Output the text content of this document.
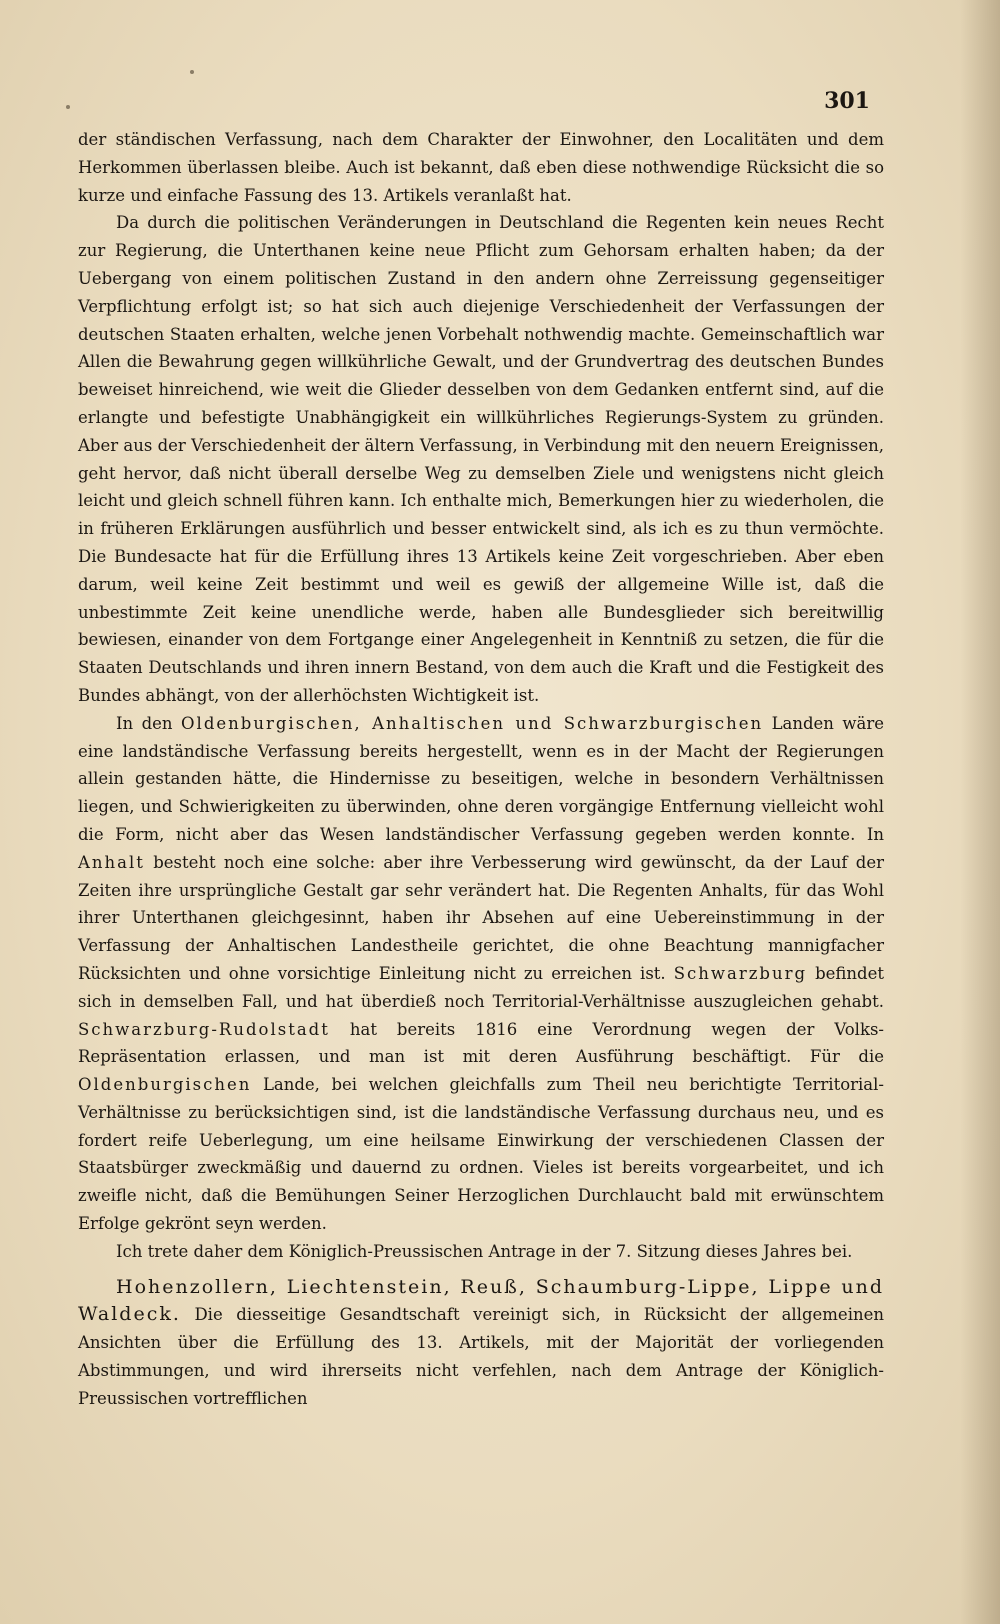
301

der ständischen Verfassung, nach dem Charakter der Einwohner, den Localitäten und dem Herkommen überlassen bleibe. Auch ist bekannt, daß eben diese nothwendige Rücksicht die so kurze und einfache Fassung des 13. Artikels veranlaßt hat.

Da durch die politischen Veränderungen in Deutschland die Regenten kein neues Recht zur Regierung, die Unterthanen keine neue Pflicht zum Gehorsam erhalten haben; da der Uebergang von einem politischen Zustand in den andern ohne Zerreissung gegenseitiger Verpflichtung erfolgt ist; so hat sich auch diejenige Verschiedenheit der Verfassungen der deutschen Staaten erhalten, welche jenen Vorbehalt nothwendig machte. Gemeinschaftlich war Allen die Bewahrung gegen willkührliche Gewalt, und der Grundvertrag des deutschen Bundes beweiset hinreichend, wie weit die Glieder desselben von dem Gedanken entfernt sind, auf die erlangte und befestigte Unabhängigkeit ein willkührliches Regierungs-System zu gründen. Aber aus der Verschiedenheit der ältern Verfassung, in Verbindung mit den neuern Ereignissen, geht hervor, daß nicht überall derselbe Weg zu demselben Ziele und wenigstens nicht gleich leicht und gleich schnell führen kann. Ich enthalte mich, Bemerkungen hier zu wiederholen, die in früheren Erklärungen ausführlich und besser entwickelt sind, als ich es zu thun vermöchte. Die Bundesacte hat für die Erfüllung ihres 13 Artikels keine Zeit vorgeschrieben. Aber eben darum, weil keine Zeit bestimmt und weil es gewiß der allgemeine Wille ist, daß die unbestimmte Zeit keine unendliche werde, haben alle Bundesglieder sich bereitwillig bewiesen, einander von dem Fortgange einer Angelegenheit in Kenntniß zu setzen, die für die Staaten Deutschlands und ihren innern Bestand, von dem auch die Kraft und die Festigkeit des Bundes abhängt, von der allerhöchsten Wichtigkeit ist.

In den Oldenburgischen, Anhaltischen und Schwarzburgischen Landen wäre eine landständische Verfassung bereits hergestellt, wenn es in der Macht der Regierungen allein gestanden hätte, die Hindernisse zu beseitigen, welche in besondern Verhältnissen liegen, und Schwierigkeiten zu überwinden, ohne deren vorgängige Entfernung vielleicht wohl die Form, nicht aber das Wesen landständischer Verfassung gegeben werden konnte. In Anhalt besteht noch eine solche: aber ihre Verbesserung wird gewünscht, da der Lauf der Zeiten ihre ursprüngliche Gestalt gar sehr verändert hat. Die Regenten Anhalts, für das Wohl ihrer Unterthanen gleichgesinnt, haben ihr Absehen auf eine Uebereinstimmung in der Verfassung der Anhaltischen Landestheile gerichtet, die ohne Beachtung mannigfacher Rücksichten und ohne vorsichtige Einleitung nicht zu erreichen ist. Schwarzburg befindet sich in demselben Fall, und hat überdieß noch Territorial-Verhältnisse auszugleichen gehabt. Schwarzburg-Rudolstadt hat bereits 1816 eine Verordnung wegen der Volks-Repräsentation erlassen, und man ist mit deren Ausführung beschäftigt. Für die Oldenburgischen Lande, bei welchen gleichfalls zum Theil neu berichtigte Territorial-Verhältnisse zu berücksichtigen sind, ist die landständische Verfassung durchaus neu, und es fordert reife Ueberlegung, um eine heilsame Einwirkung der verschiedenen Classen der Staatsbürger zweckmäßig und dauernd zu ordnen. Vieles ist bereits vorgearbeitet, und ich zweifle nicht, daß die Bemühungen Seiner Herzoglichen Durchlaucht bald mit erwünschtem Erfolge gekrönt seyn werden.

Ich trete daher dem Königlich-Preussischen Antrage in der 7. Sitzung dieses Jahres bei.

Hohenzollern, Liechtenstein, Reuß, Schaumburg-Lippe, Lippe und Waldeck. Die diesseitige Gesandtschaft vereinigt sich, in Rücksicht der allgemeinen Ansichten über die Erfüllung des 13. Artikels, mit der Majorität der vorliegenden Abstimmungen, und wird ihrerseits nicht verfehlen, nach dem Antrage der Königlich-Preussischen vortrefflichen
